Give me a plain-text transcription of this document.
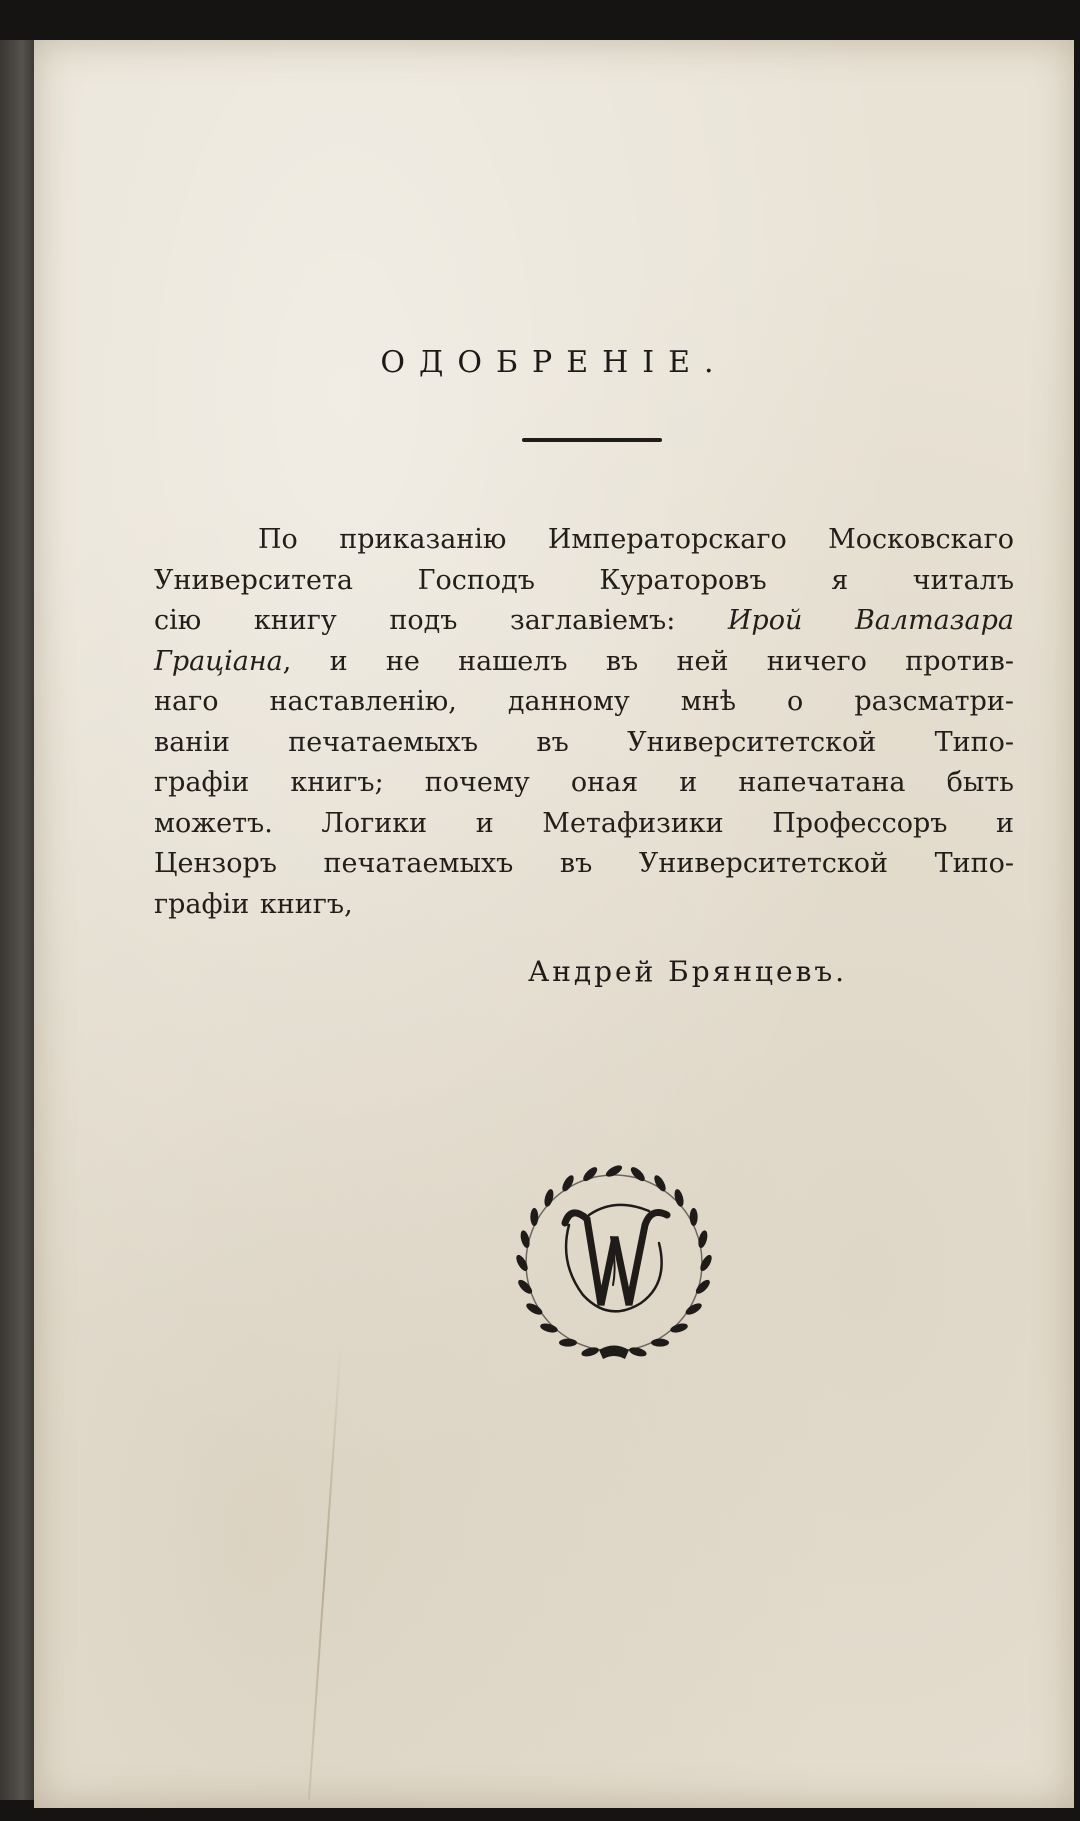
ОДОБРЕНІЕ.
По приказанію Императорскаго Московскаго
Университета Господъ Кураторовъ я читалъ
сію книгу подъ заглавіемъ: Ирой Валтазара
Граціана, и не нашелъ въ ней ничего против-
наго наставленію, данному мнѣ о разсматри-
ваніи печатаемыхъ въ Университетской Типо-
графіи книгъ; почему оная и напечатана быть
можетъ. Логики и Метафизики Профессоръ и
Цензоръ печатаемыхъ въ Университетской Типо-
графіи книгъ,
Андрей Брянцевъ.
